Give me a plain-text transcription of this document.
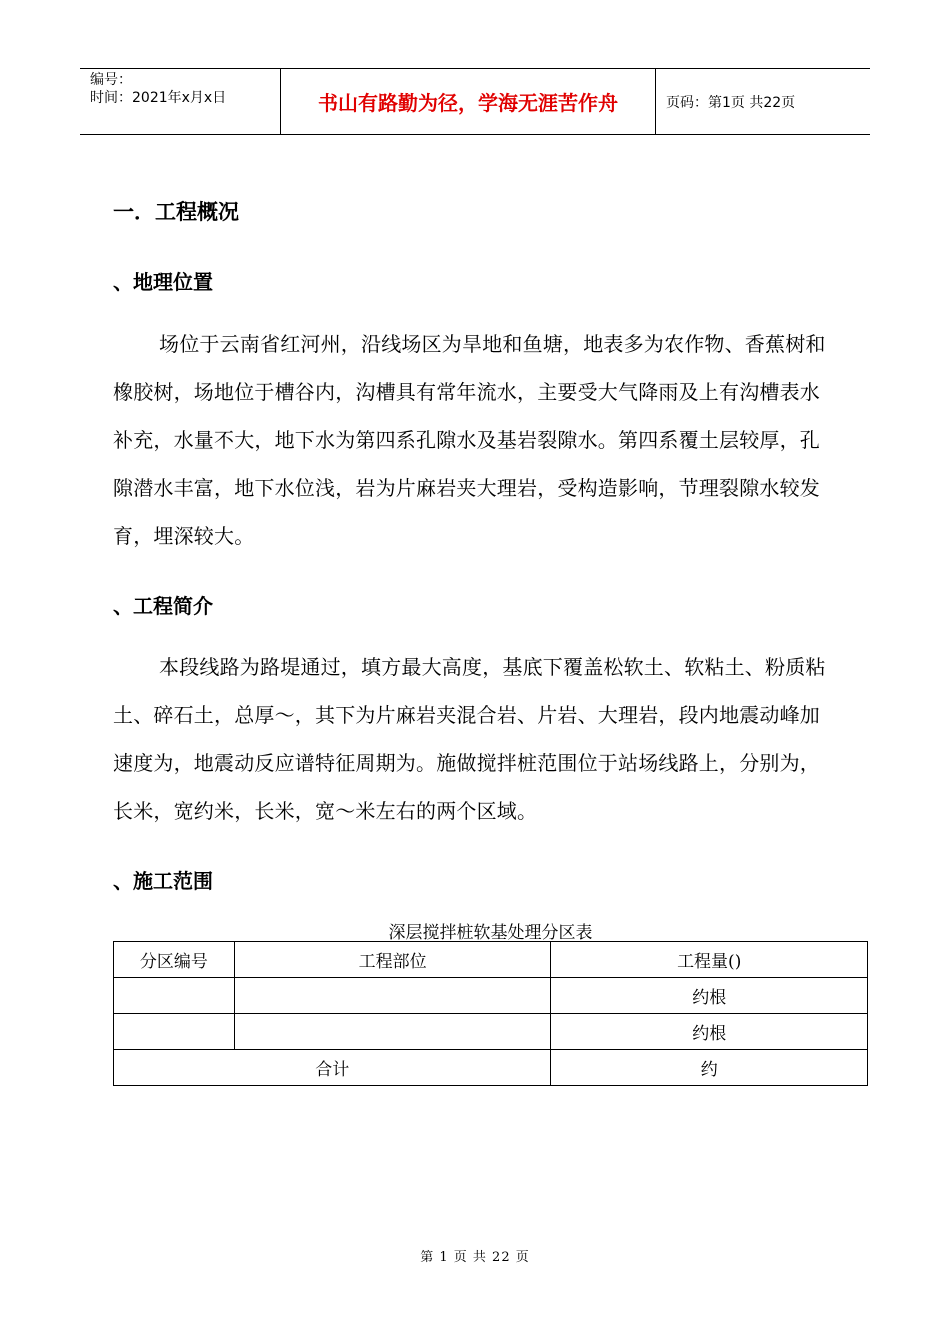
编号：
时间：2021年x月x日	书山有路勤为径，学海无涯苦作舟	页码：第1页 共22页
一．工程概况
、地理位置

场位于云南省红河州，沿线场区为旱地和鱼塘，地表多为农作物、香蕉树和橡胶树，场地位于槽谷内，沟槽具有常年流水，主要受大气降雨及上有沟槽表水补充，水量不大，地下水为第四系孔隙水及基岩裂隙水。第四系覆土层较厚，孔隙潜水丰富，地下水位浅，岩为片麻岩夹大理岩，受构造影响，节理裂隙水较发育，埋深较大。

、工程简介

本段线路为路堤通过，填方最大高度，基底下覆盖松软土、软粘土、粉质粘土、碎石土，总厚～，其下为片麻岩夹混合岩、片岩、大理岩，段内地震动峰加速度为，地震动反应谱特征周期为。施做搅拌桩范围位于站场线路上，分别为，长米，宽约米，长米，宽～米左右的两个区域。

、施工范围
深层搅拌桩软基处理分区表
分区编号	工程部位	工程量()
		约根
		约根
合计		约
第 1 页 共 22 页
